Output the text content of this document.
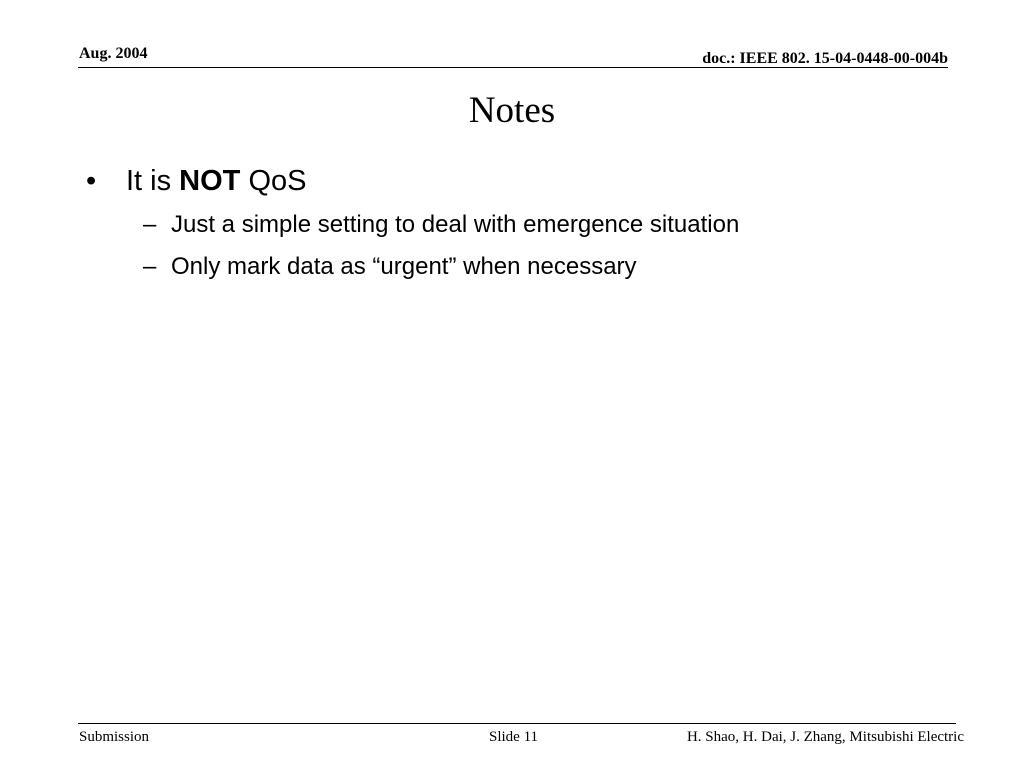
Aug. 2004	doc.: IEEE 802. 15-04-0448-00-004b
Notes
• It is NOT QoS
– Just a simple setting to deal with emergence situation
– Only mark data as “urgent” when necessary
Submission	Slide 11	H. Shao, H. Dai, J. Zhang, Mitsubishi Electric
